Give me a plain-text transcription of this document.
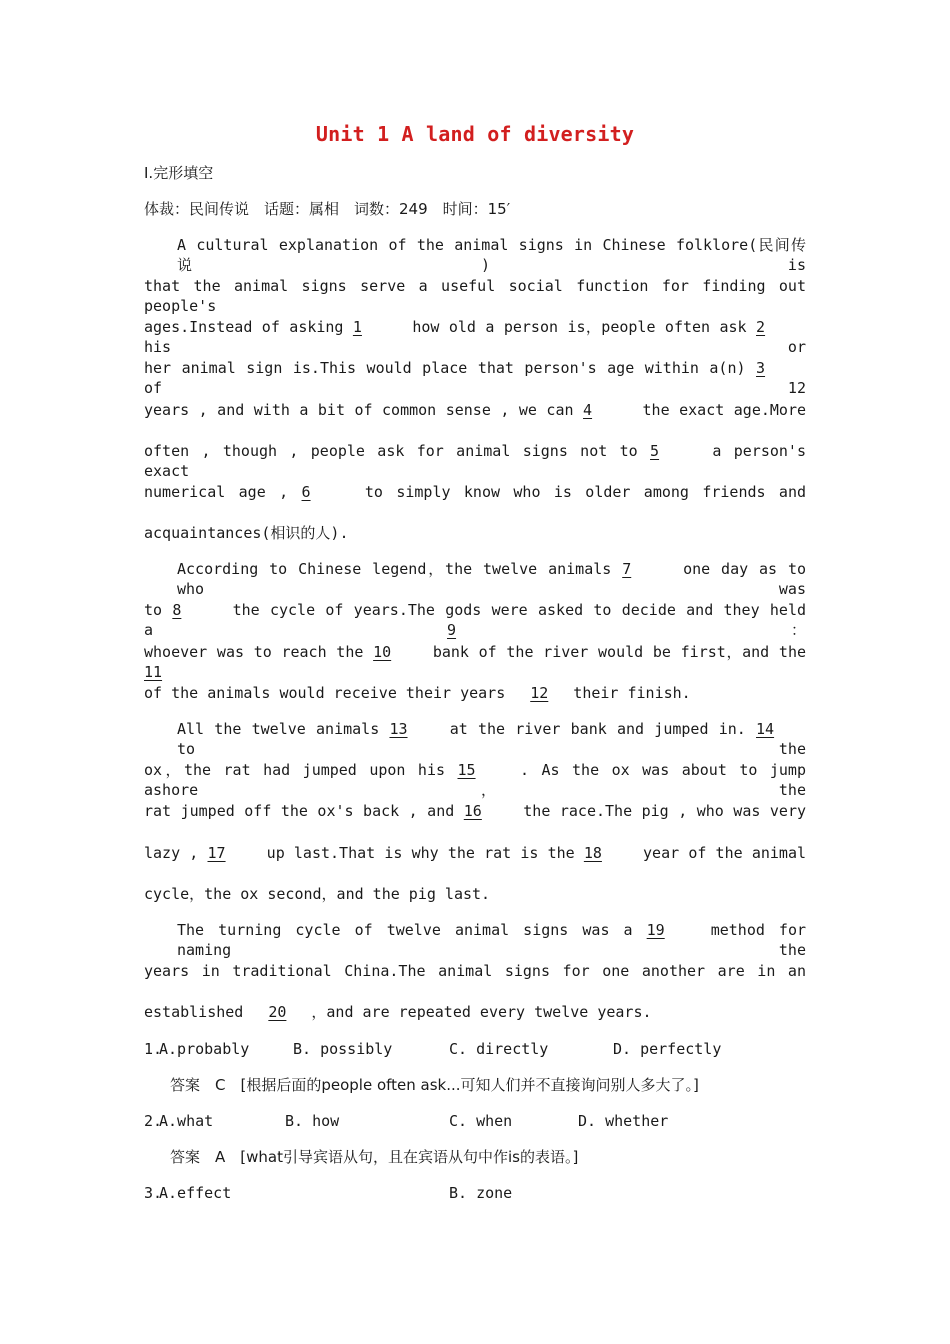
Unit 1 A land of diversity
Ⅰ.完形填空
体裁：民间传说　话题：属相　词数：249　时间：15′
A cultural explanation of the animal signs in Chinese folklore(民间传说) is
that the animal signs serve a useful social function for finding out people's
ages.Instead of asking 1	how old a person is，people often ask 2 his or
her animal sign is.This would place that person's age within a(n) 3 of 12
years , and with a bit of common sense , we can 4	the exact age.More
often , though , people ask for animal signs not to 5	a person's exact
numerical age , 6	to simply know who is older among friends and
acquaintances(相识的人).
According to Chinese legend，the twelve animals 7	one day as to who was
to 8	the cycle of years.The gods were asked to decide and they held a	9	：
whoever was to reach the 10	bank of the river would be first，and the 11
of the animals would receive their years 12 their finish.
All the twelve animals 13	at the river bank and jumped in. 14 to the
ox，the rat had jumped upon his 15	. As the ox was about to jump ashore，the
rat jumped off the ox's back , and 16	the race.The pig , who was very
lazy , 17	up last.That is why the rat is the 18	year of the animal
cycle，the ox second，and the pig last.
The turning cycle of twelve animal signs was a 19	method for naming the
years in traditional China.The animal signs for one another are in an
established 20 ，and are repeated every twelve years.
1.
A.probably	B. possibly	C. directly	D. perfectly
答案　C　[根据后面的people often ask...可知人们并不直接询问别人多大了。]
2.
A.what	B. how	C. when	D. whether
答案　A　[what引导宾语从句，且在宾语从句中作is的表语。]
3.
A.effect	B. zone
